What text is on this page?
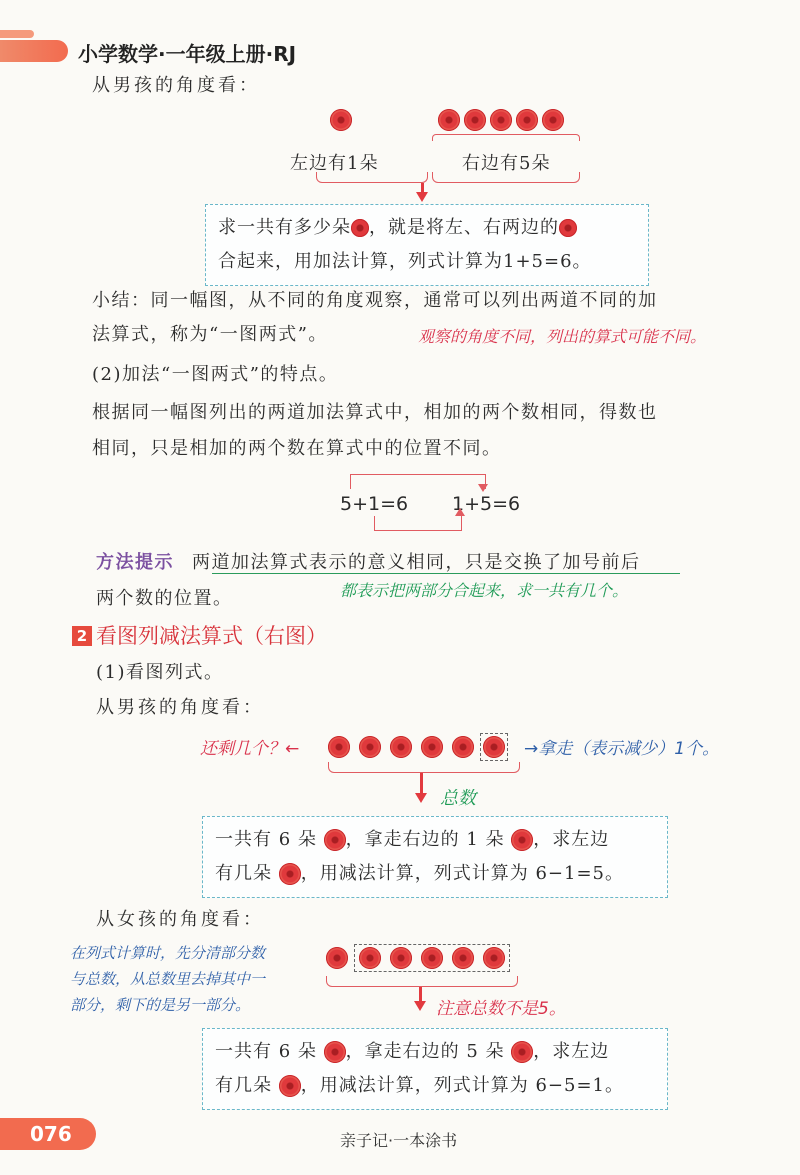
小学数学·一年级上册·RJ
从男孩的角度看：
左边有1朵	右边有5朵
求一共有多少朵 ，就是将左、右两边的
合起来，用加法计算，列式计算为1+5=6。
小结：同一幅图，从不同的角度观察，通常可以列出两道不同的加
法算式，称为“一图两式”。	观察的角度不同，列出的算式可能不同。
(2)加法“一图两式”的特点。
根据同一幅图列出的两道加法算式中，相加的两个数相同，得数也
相同，只是相加的两个数在算式中的位置不同。
5+1=6 1+5=6
方法提示 两道加法算式表示的意义相同，只是交换了加号前后
两个数的位置。	都表示把两部分合起来，求一共有几个。
2 看图列减法算式（右图）
(1)看图列式。
从男孩的角度看：
还剩几个？←	→拿走（表示减少）1个。
总数
一共有 6 朵 ，拿走右边的 1 朵 ，求左边
有几朵 ，用减法计算，列式计算为 6−1=5。
从女孩的角度看：
在列式计算时，先分清部分数
与总数，从总数里去掉其中一
部分，剩下的是另一部分。	注意总数不是5。
一共有 6 朵 ，拿走右边的 5 朵 ，求左边
有几朵 ，用减法计算，列式计算为 6−5=1。
076	亲子记·一本涂书
